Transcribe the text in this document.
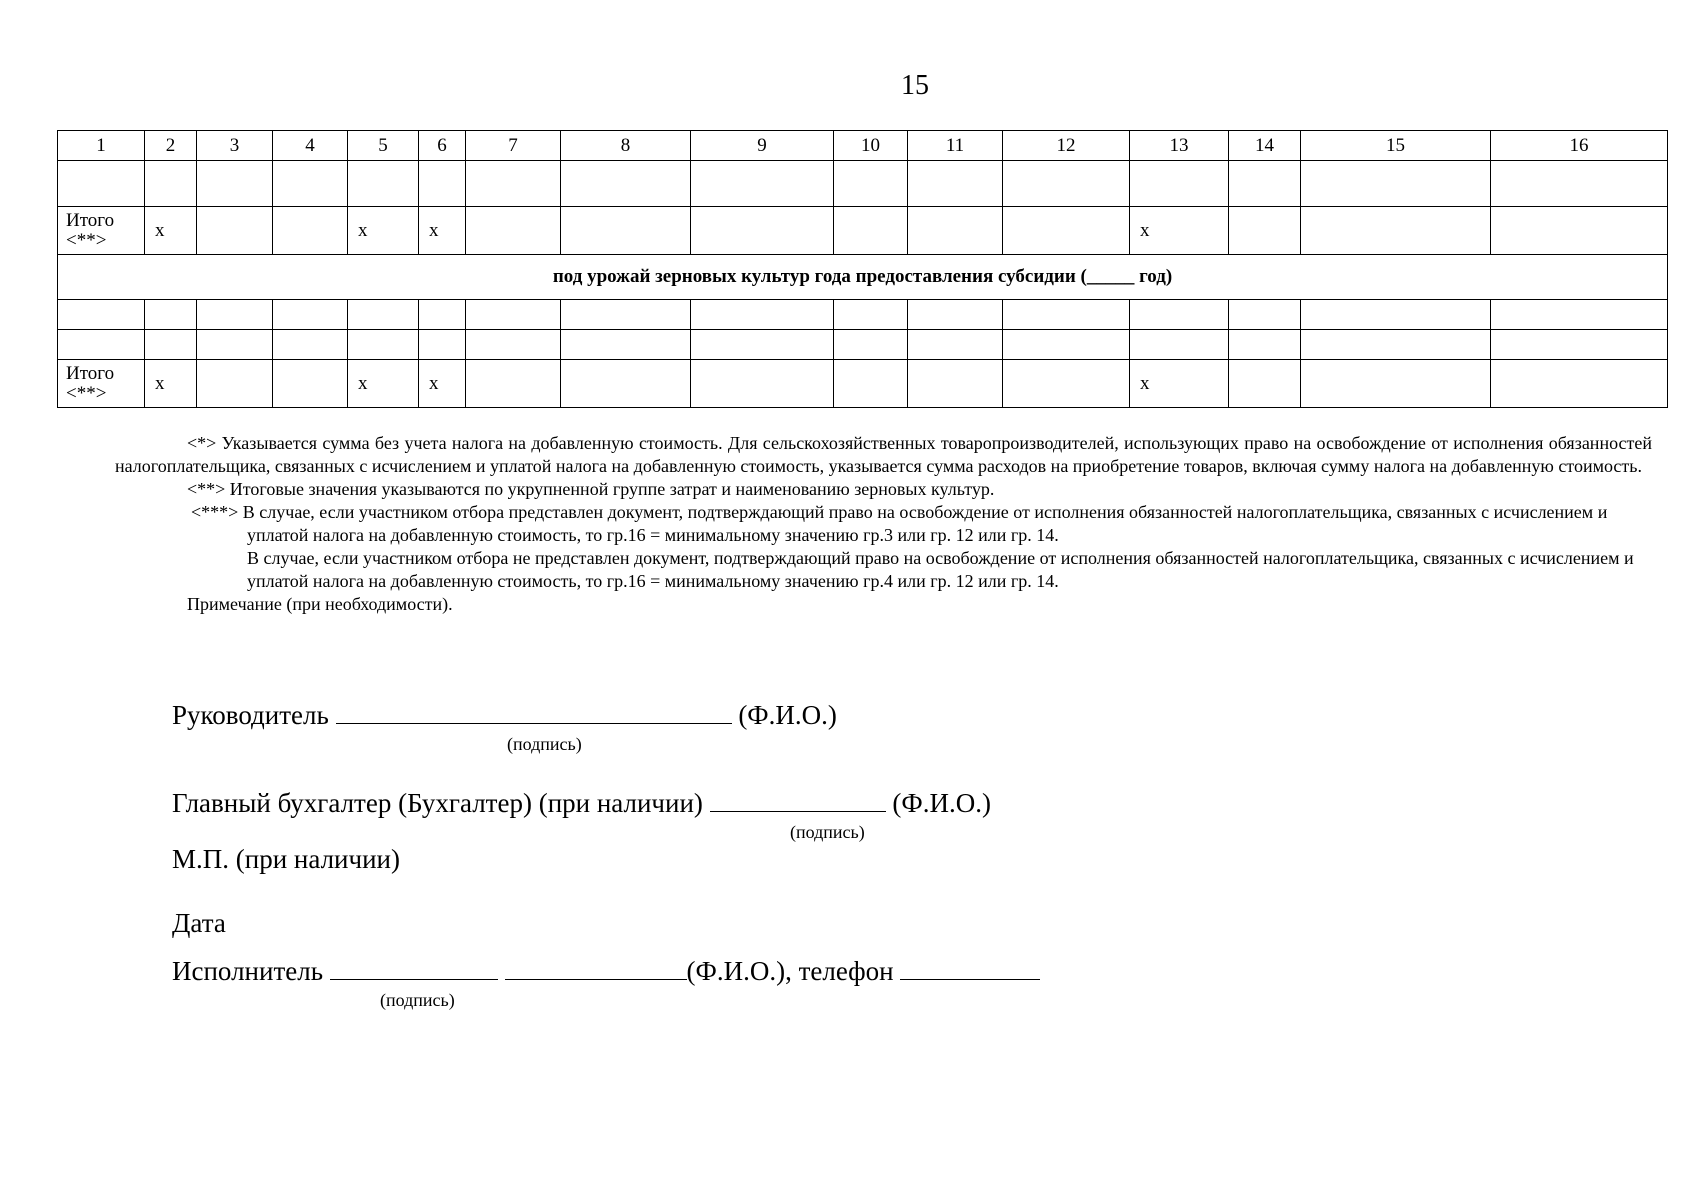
15
1	2	3	4	5	6	7	8	9	10	11	12	13	14	15	16

Итого
<**>	x			x	x							x			
под урожай зерновых культур года предоставления субсидии (_____ год)															

Итого
<**>	x			x	x							x			

<*> Указывается сумма без учета налога на добавленную стоимость. Для сельскохозяйственных товаропроизводителей, использующих право на освобождение от исполнения обязанностей налогоплательщика, связанных с исчислением и уплатой налога на добавленную стоимость, указывается сумма расходов на приобретение товаров, включая сумму налога на добавленную стоимость.

<**> Итоговые значения указываются по укрупненной группе затрат и наименованию зерновых культур.

<***> В случае, если участником отбора представлен документ, подтверждающий право на освобождение от исполнения обязанностей налогоплательщика, связанных с исчислением и уплатой налога на добавленную стоимость, то гр.16 = минимальному значению гр.3 или гр. 12 или гр. 14.

В случае, если участником отбора не представлен документ, подтверждающий право на освобождение от исполнения обязанностей налогоплательщика, связанных с исчислением и уплатой налога на добавленную стоимость, то гр.16 = минимальному значению гр.4 или гр. 12 или гр. 14.

Примечание (при необходимости).

Руководитель	(Ф.И.О.)
(подпись)
Главный бухгалтер (Бухгалтер) (при наличии)	(Ф.И.О.)
(подпись)
М.П. (при наличии)
Дата
Исполнитель	(Ф.И.О.), телефон
(подпись)
